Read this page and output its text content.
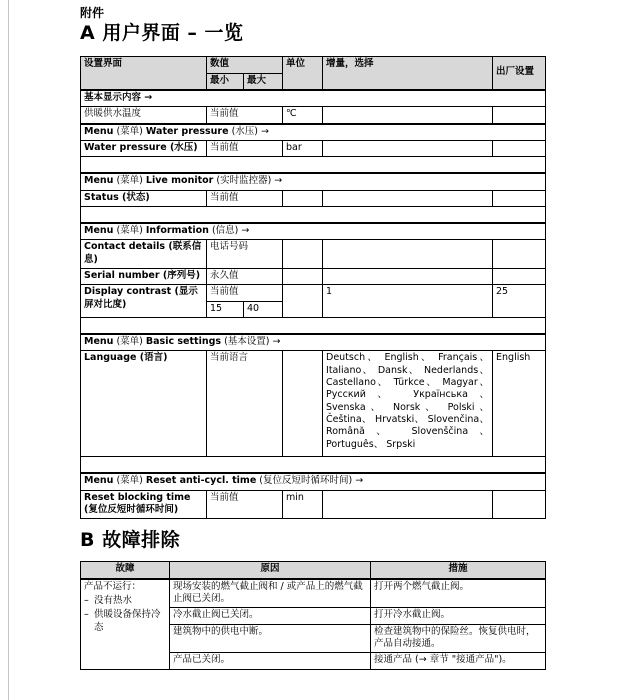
附件

A 用户界面 – 一览

设置界面	数值		单位	增量，选择	出厂设置
	最小	最大			
基本显示内容 →					
供暖供水温度	当前值		℃		
Menu (菜单) Water pressure (水压) →					
Water pressure (水压)	当前值		bar		

Menu (菜单) Live monitor (实时监控器) →					
Status (状态)	当前值				

Menu (菜单) Information (信息) →					
Contact details (联系信息)	电话号码				
Serial number (序列号)	永久值				
Display contrast (显示屏对比度)	当前值			1	25
	15	40			

Menu (菜单) Basic settings (基本设置) →					
Language (语言)	当前语言			Deutsch、 English、 Français、 Italiano、 Dansk、 Nederlands、 Castellano、 Türkce、 Magyar、 Русский、 Українська、 Svenska、 Norsk、 Polski、 Čeština、 Hrvatski、 Slovenčina、 Română、 Slovenščina、 Português、 Srpski	English

Menu (菜单) Reset anti-cycl. time (复位反短时循环时间) →					
Reset blocking time (复位反短时循环时间)	当前值		min		

B 故障排除

故障	原因	措施

产品不运行：
– 没有热水
– 供暖设备保持冷态	现场安装的燃气截止阀和 / 或产品上的燃气截止阀已关闭。	打开两个燃气截止阀。
	冷水截止阀已关闭。	打开冷水截止阀。
	建筑物中的供电中断。	检查建筑物中的保险丝。恢复供电时，产品自动接通。
	产品已关闭。	接通产品 (→ 章节 "接通产品")。
